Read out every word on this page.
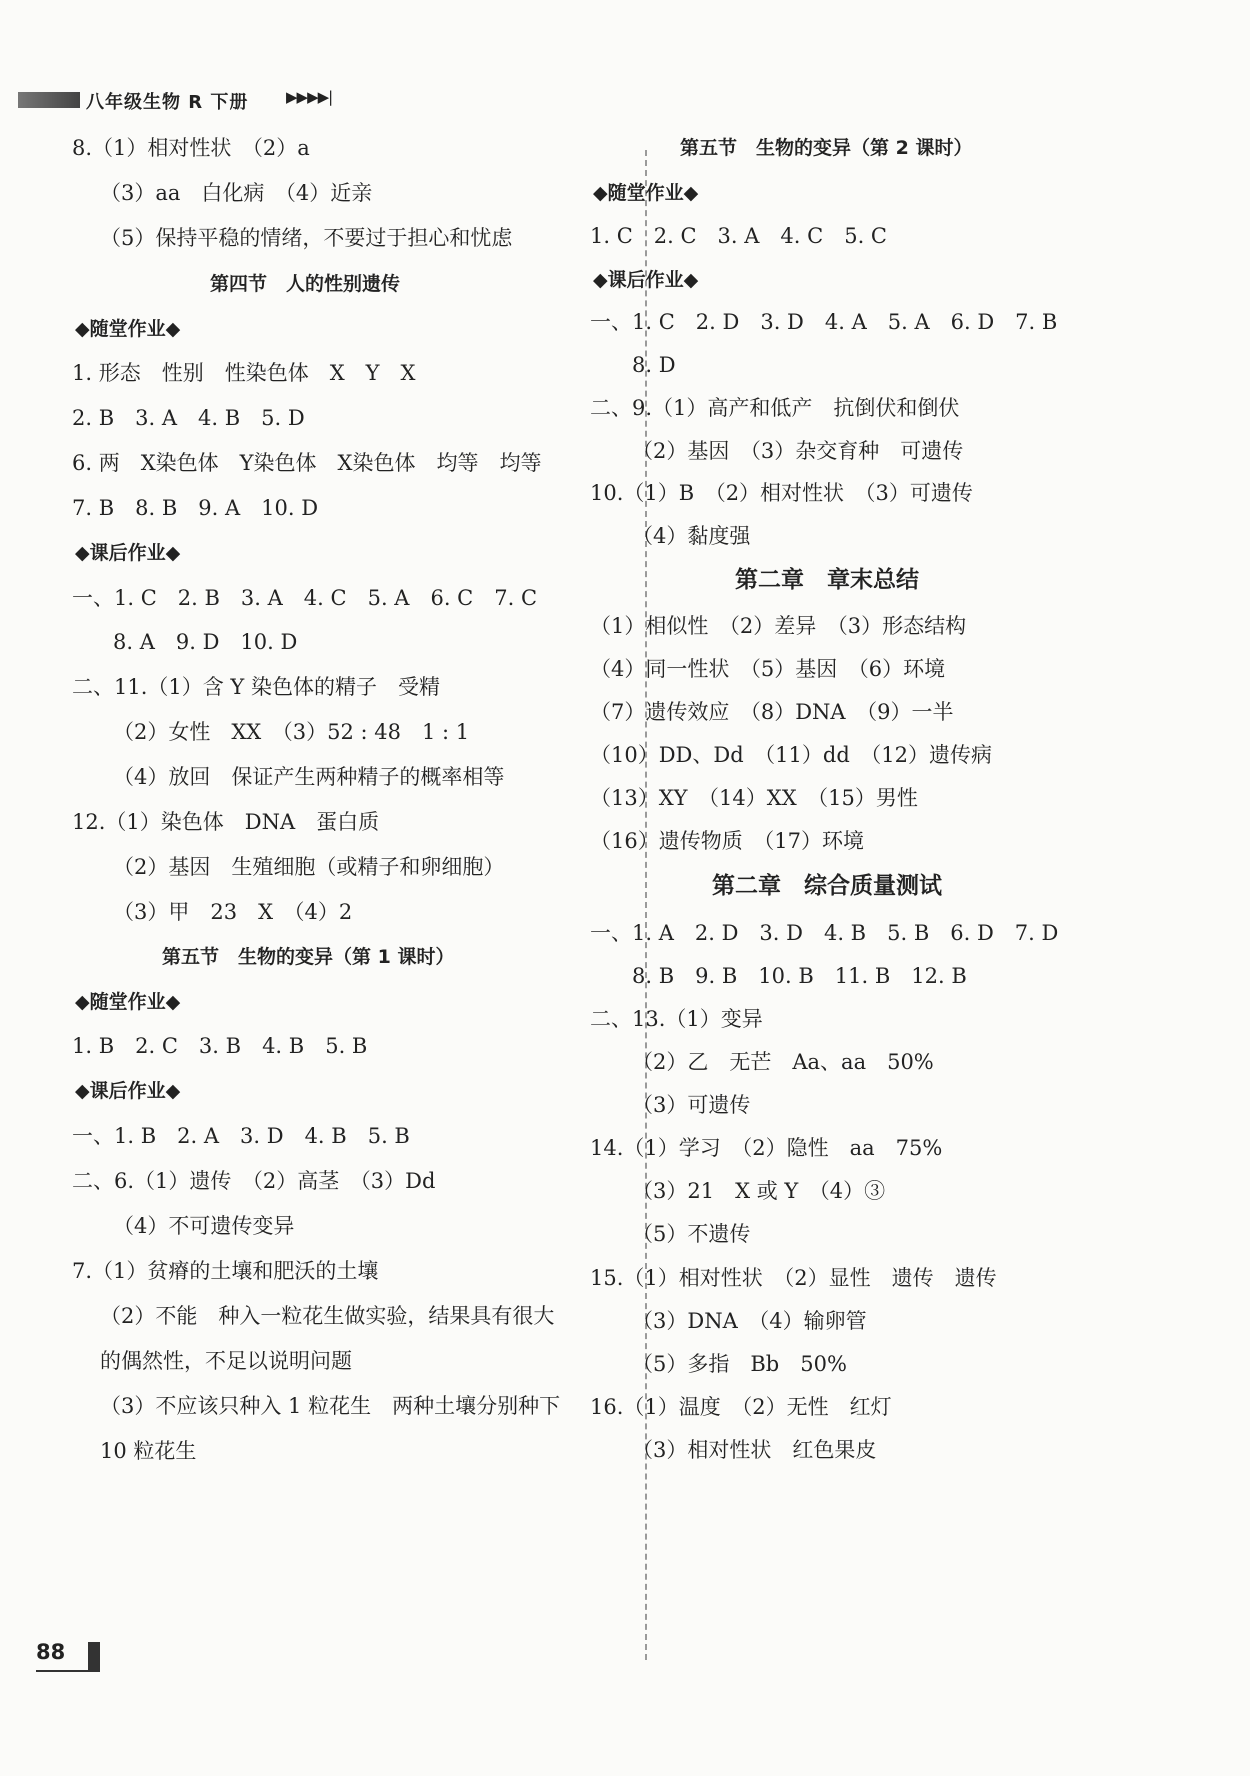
八年级生物 R 下册	▶▶▶▶|
8.（1）相对性状　（2）a
（3）aa　白化病　（4）近亲
（5）保持平稳的情绪，不要过于担心和忧虑
第四节　人的性别遗传
◆随堂作业◆
1. 形态　性别　性染色体　X　Y　X
2. B　3. A　4. B　5. D
6. 两　X染色体　Y染色体　X染色体　均等　均等
7. B　8. B　9. A　10. D
◆课后作业◆
一、1. C　2. B　3. A　4. C　5. A　6. C　7. C
8. A　9. D　10. D
二、11.（1）含 Y 染色体的精子　受精
（2）女性　XX　（3）52 : 48　1 : 1
（4）放回　保证产生两种精子的概率相等
12.（1）染色体　DNA　蛋白质
（2）基因　生殖细胞（或精子和卵细胞）
（3）甲　23　X　（4）2
第五节　生物的变异（第 1 课时）
◆随堂作业◆
1. B　2. C　3. B　4. B　5. B
◆课后作业◆
一、1. B　2. A　3. D　4. B　5. B
二、6.（1）遗传　（2）高茎　（3）Dd
（4）不可遗传变异
7.（1）贫瘠的土壤和肥沃的土壤
（2）不能　种入一粒花生做实验，结果具有很大
的偶然性，不足以说明问题
（3）不应该只种入 1 粒花生　两种土壤分别种下
10 粒花生
第五节　生物的变异（第 2 课时）
◆随堂作业◆
1. C　2. C　3. A　4. C　5. C
◆课后作业◆
一、1. C　2. D　3. D　4. A　5. A　6. D　7. B
8. D
二、9.（1）高产和低产　抗倒伏和倒伏
（2）基因　（3）杂交育种　可遗传
10.（1）B　（2）相对性状　（3）可遗传
（4）黏度强
第二章　章末总结
（1）相似性　（2）差异　（3）形态结构
（4）同一性状　（5）基因　（6）环境
（7）遗传效应　（8）DNA　（9）一半
（10）DD、Dd　（11）dd　（12）遗传病
（13）XY　（14）XX　（15）男性
（16）遗传物质　（17）环境
第二章　综合质量测试
一、1. A　2. D　3. D　4. B　5. B　6. D　7. D
8. B　9. B　10. B　11. B　12. B
二、13.（1）变异
（2）乙　无芒　Aa、aa　50%
（3）可遗传
14.（1）学习　（2）隐性　aa　75%
（3）21　X 或 Y　（4）③
（5）不遗传
15.（1）相对性状　（2）显性　遗传　遗传
（3）DNA　（4）输卵管
（5）多指　Bb　50%
16.（1）温度　（2）无性　红灯
（3）相对性状　红色果皮
88
